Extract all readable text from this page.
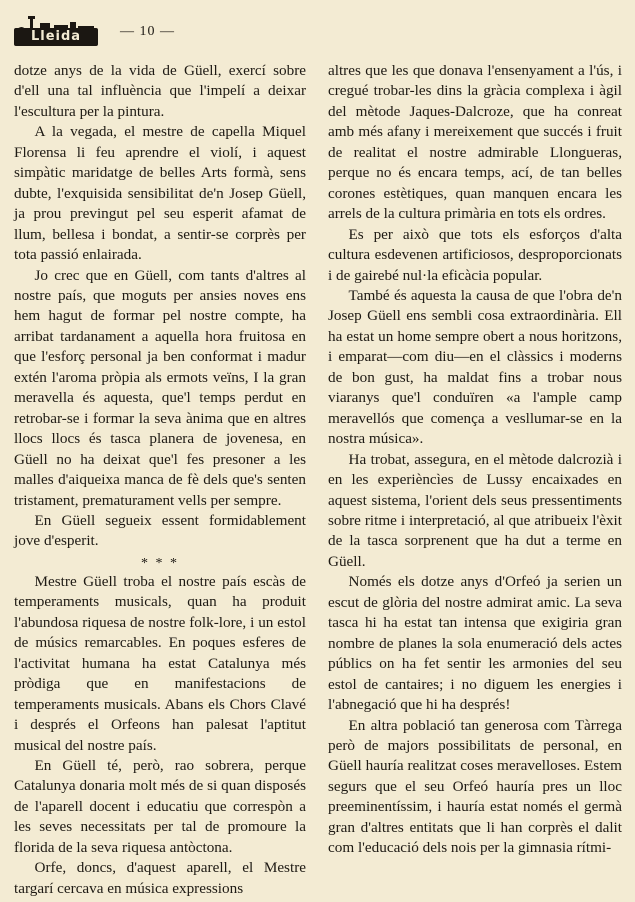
Lleida	— 10 —

dotze anys de la vida de Güell, exercí sobre d'ell una tal influència que l'impelí a deixar l'escultura per la pintura.

A la vegada, el mestre de capella Miquel Florensa li feu aprendre el violí, i aquest simpàtic maridatge de belles Arts formà, sens dubte, l'exquisida sensibilitat de'n Josep Güell, ja prou previngut pel seu esperit afamat de llum, bellesa i bondat, a sentir-se corprès per tota passió enlairada.

Jo crec que en Güell, com tants d'altres al nostre país, que moguts per ansies noves ens hem hagut de formar pel nostre compte, ha arribat tardanament a aquella hora fruitosa en que l'esforç personal ja ben conformat i madur extén l'aroma pròpia als ermots veïns, I la gran meravella és aquesta, que'l temps perdut en retrobar-se i formar la seva ànima que en altres llocs llocs és tasca planera de jovenesa, en Güell no ha deixat que'l fes presoner a les malles d'aiqueixa manca de fè dels que's senten tristament, prematurament vells per sempre.

En Güell segueix essent formidablement jove d'esperit.

* * *

Mestre Güell troba el nostre país escàs de temperaments musicals, quan ha produit l'abundosa riquesa de nostre folk-lore, i un estol de músics remarcables. En poques esferes de l'activitat humana ha estat Catalunya més pròdiga que en manifestacions de temperaments musicals. Abans els Chors Clavé i després el Orfeons han palesat l'aptitut musical del nostre país.

En Güell té, però, rao sobrera, perque Catalunya donaria molt més de si quan disposés de l'aparell docent i educatiu que correspòn a les seves necessitats per tal de promoure la florida de la seva riquesa antòctona.

Orfe, doncs, d'aquest aparell, el Mestre targarí cercava en música expressions

altres que les que donava l'ensenyament a l'ús, i cregué trobar-les dins la gràcia complexa i àgil del mètode Jaques-Dalcroze, que ha conreat amb més afany i mereixement que succés i fruit de realitat el nostre admirable Llongueras, perque no és encara temps, ací, de tan belles corones estètiques, quan manquen encara les arrels de la cultura primària en tots els ordres.

Es per això que tots els esforços d'alta cultura esdevenen artificiosos, desproporcionats i de gairebé nul·la eficàcia popular.

També és aquesta la causa de que l'obra de'n Josep Güell ens sembli cosa extraordinària. Ell ha estat un home sempre obert a nous horitzons, i emparat—com diu—en el clàssics i moderns de bon gust, ha maldat fins a trobar nous viaranys que'l conduïren «a l'ample camp meravellós que comença a vesllumar-se en la nostra música».

Ha trobat, assegura, en el mètode dalcrozià i en les experièncìes de Lussy encaixades en aquest sistema, l'orient dels seus pressentiments sobre ritme i interpretació, al que atribueix l'èxit de la tasca sorprenent que ha dut a terme en Güell.

Només els dotze anys d'Orfeó ja serien un escut de glòria del nostre admirat amic. La seva tasca hi ha estat tan intensa que exigiria gran nombre de planes la sola enumeració dels actes públics on ha fet sentir les armonies del seu estol de cantaires; i no diguem les energies i l'abnegació que hi ha després!

En altra població tan generosa com Tàrrega però de majors possibilitats de personal, en Güell hauría realitzat coses meravelloses. Estem segurs que el seu Orfeó hauría pres un lloc preeminentíssim, i hauría estat només el germà gran d'altres entitats que li han corprès el dalit com l'educació dels nois per la gimnasia rítmi-
